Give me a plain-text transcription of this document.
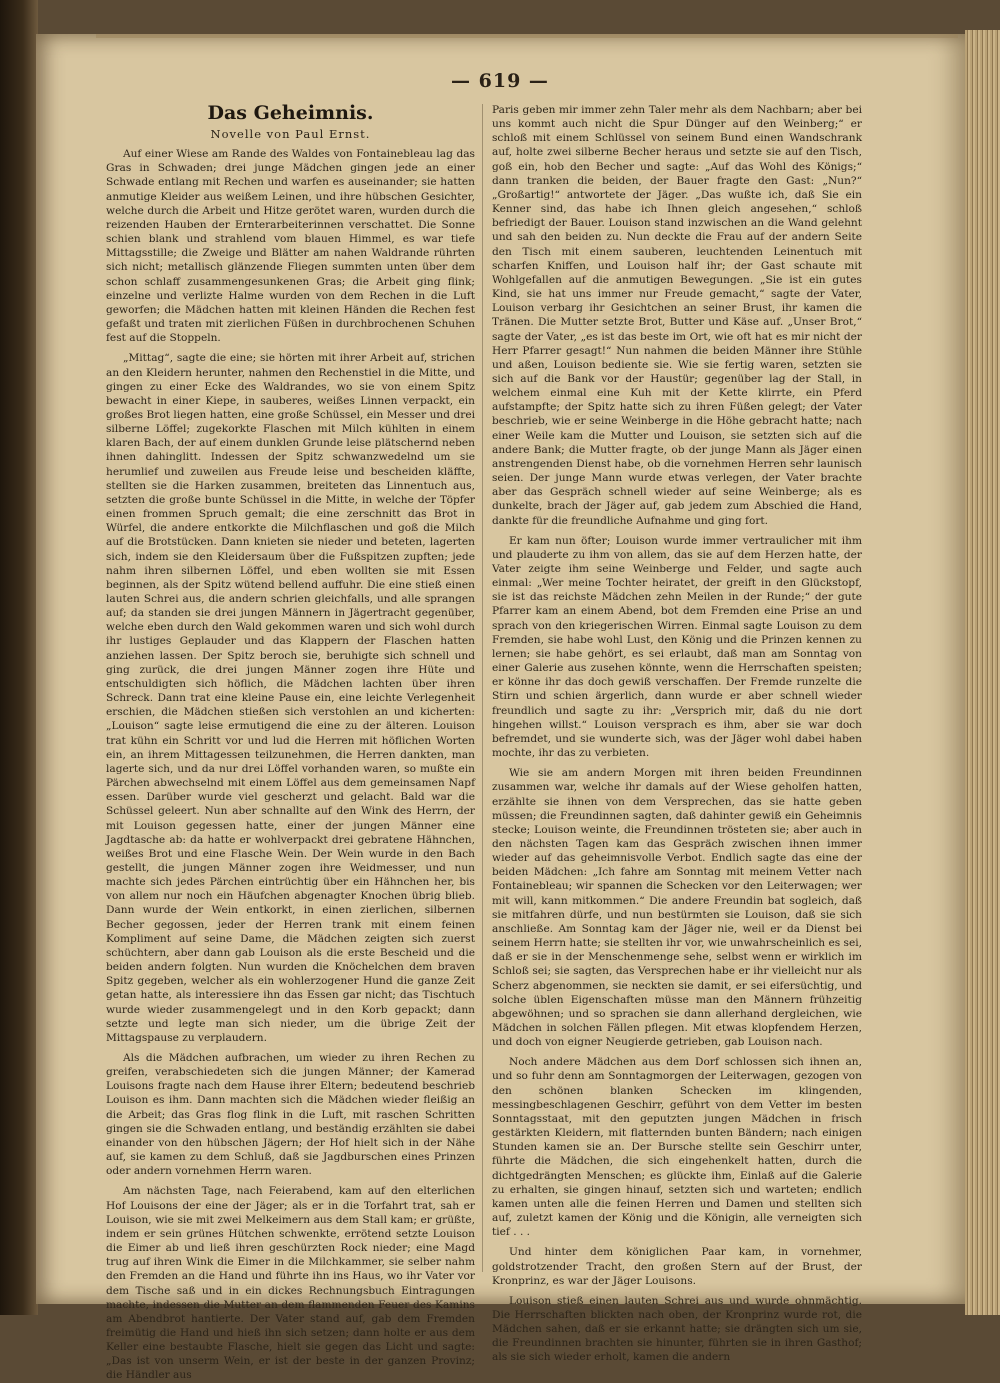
— 619 —
Das Geheimnis.
Novelle von Paul Ernst.

Auf einer Wiese am Rande des Waldes von Fontainebleau lag das Gras in Schwaden; drei junge Mädchen gingen jede an einer Schwade entlang mit Rechen und warfen es auseinander; sie hatten anmutige Kleider aus weißem Leinen, und ihre hübschen Gesichter, welche durch die Arbeit und Hitze gerötet waren, wurden durch die reizenden Hauben der Ernterarbeiterinnen verschattet. Die Sonne schien blank und strahlend vom blauen Himmel, es war tiefe Mittagsstille; die Zweige und Blätter am nahen Waldrande rührten sich nicht; metallisch glänzende Fliegen summten unten über dem schon schlaff zusammengesunkenen Gras; die Arbeit ging flink; einzelne und verlizte Halme wurden von dem Rechen in die Luft geworfen; die Mädchen hatten mit kleinen Händen die Rechen fest gefaßt und traten mit zierlichen Füßen in durchbrochenen Schuhen fest auf die Stoppeln.

„Mittag“, sagte die eine; sie hörten mit ihrer Arbeit auf, strichen an den Kleidern herunter, nahmen den Rechenstiel in die Mitte, und gingen zu einer Ecke des Waldrandes, wo sie von einem Spitz bewacht in einer Kiepe, in sauberes, weißes Linnen verpackt, ein großes Brot liegen hatten, eine große Schüssel, ein Messer und drei silberne Löffel; zugekorkte Flaschen mit Milch kühlten in einem klaren Bach, der auf einem dunklen Grunde leise plätschernd neben ihnen dahinglitt. Indessen der Spitz schwanzwedelnd um sie herumlief und zuweilen aus Freude leise und bescheiden kläffte, stellten sie die Harken zusammen, breiteten das Linnentuch aus, setzten die große bunte Schüssel in die Mitte, in welche der Töpfer einen frommen Spruch gemalt; die eine zerschnitt das Brot in Würfel, die andere entkorkte die Milchflaschen und goß die Milch auf die Brotstücken. Dann knieten sie nieder und beteten, lagerten sich, indem sie den Kleidersaum über die Fußspitzen zupften; jede nahm ihren silbernen Löffel, und eben wollten sie mit Essen beginnen, als der Spitz wütend bellend auffuhr. Die eine stieß einen lauten Schrei aus, die andern schrien gleichfalls, und alle sprangen auf; da standen sie drei jungen Männern in Jägertracht gegenüber, welche eben durch den Wald gekommen waren und sich wohl durch ihr lustiges Geplauder und das Klappern der Flaschen hatten anziehen lassen. Der Spitz beroch sie, beruhigte sich schnell und ging zurück, die drei jungen Männer zogen ihre Hüte und entschuldigten sich höflich, die Mädchen lachten über ihren Schreck. Dann trat eine kleine Pause ein, eine leichte Verlegenheit erschien, die Mädchen stießen sich verstohlen an und kicherten: „Louison“ sagte leise ermutigend die eine zu der älteren. Louison trat kühn ein Schritt vor und lud die Herren mit höflichen Worten ein, an ihrem Mittagessen teilzunehmen, die Herren dankten, man lagerte sich, und da nur drei Löffel vorhanden waren, so mußte ein Pärchen abwechselnd mit einem Löffel aus dem gemeinsamen Napf essen. Darüber wurde viel gescherzt und gelacht. Bald war die Schüssel geleert. Nun aber schnallte auf den Wink des Herrn, der mit Louison gegessen hatte, einer der jungen Männer eine Jagdtasche ab: da hatte er wohlverpackt drei gebratene Hähnchen, weißes Brot und eine Flasche Wein. Der Wein wurde in den Bach gestellt, die jungen Männer zogen ihre Weidmesser, und nun machte sich jedes Pärchen eintrüchtig über ein Hähnchen her, bis von allem nur noch ein Häufchen abgenagter Knochen übrig blieb. Dann wurde der Wein entkorkt, in einen zierlichen, silbernen Becher gegossen, jeder der Herren trank mit einem feinen Kompliment auf seine Dame, die Mädchen zeigten sich zuerst schüchtern, aber dann gab Louison als die erste Bescheid und die beiden andern folgten. Nun wurden die Knöchelchen dem braven Spitz gegeben, welcher als ein wohlerzogener Hund die ganze Zeit getan hatte, als interessiere ihn das Essen gar nicht; das Tischtuch wurde wieder zusammengelegt und in den Korb gepackt; dann setzte und legte man sich nieder, um die übrige Zeit der Mittagspause zu verplaudern.

Als die Mädchen aufbrachen, um wieder zu ihren Rechen zu greifen, verabschiedeten sich die jungen Männer; der Kamerad Louisons fragte nach dem Hause ihrer Eltern; bedeutend beschrieb Louison es ihm. Dann machten sich die Mädchen wieder fleißig an die Arbeit; das Gras flog flink in die Luft, mit raschen Schritten gingen sie die Schwaden entlang, und beständig erzählten sie dabei einander von den hübschen Jägern; der Hof hielt sich in der Nähe auf, sie kamen zu dem Schluß, daß sie Jagdburschen eines Prinzen oder andern vornehmen Herrn waren.

Am nächsten Tage, nach Feierabend, kam auf den elterlichen Hof Louisons der eine der Jäger; als er in die Torfahrt trat, sah er Louison, wie sie mit zwei Melkeimern aus dem Stall kam; er grüßte, indem er sein grünes Hütchen schwenkte, errötend setzte Louison die Eimer ab und ließ ihren geschürzten Rock nieder; eine Magd trug auf ihren Wink die Eimer in die Milchkammer, sie selber nahm den Fremden an die Hand und führte ihn ins Haus, wo ihr Vater vor dem Tische saß und in ein dickes Rechnungsbuch Eintragungen machte, indessen die Mutter an dem flammenden Feuer des Kamins am Abendbrot hantierte. Der Vater stand auf, gab dem Fremden freimütig die Hand und hieß ihn sich setzen; dann holte er aus dem Keller eine bestaubte Flasche, hielt sie gegen das Licht und sagte: „Das ist von unserm Wein, er ist der beste in der ganzen Provinz; die Händler aus

Paris geben mir immer zehn Taler mehr als dem Nachbarn; aber bei uns kommt auch nicht die Spur Dünger auf den Weinberg;“ er schloß mit einem Schlüssel von seinem Bund einen Wandschrank auf, holte zwei silberne Becher heraus und setzte sie auf den Tisch, goß ein, hob den Becher und sagte: „Auf das Wohl des Königs;“ dann tranken die beiden, der Bauer fragte den Gast: „Nun?“ „Großartig!“ antwortete der Jäger. „Das wußte ich, daß Sie ein Kenner sind, das habe ich Ihnen gleich angesehen,“ schloß befriedigt der Bauer. Louison stand inzwischen an die Wand gelehnt und sah den beiden zu. Nun deckte die Frau auf der andern Seite den Tisch mit einem sauberen, leuchtenden Leinentuch mit scharfen Kniffen, und Louison half ihr; der Gast schaute mit Wohlgefallen auf die anmutigen Bewegungen. „Sie ist ein gutes Kind, sie hat uns immer nur Freude gemacht,“ sagte der Vater, Louison verbarg ihr Gesichtchen an seiner Brust, ihr kamen die Tränen. Die Mutter setzte Brot, Butter und Käse auf. „Unser Brot,“ sagte der Vater, „es ist das beste im Ort, wie oft hat es mir nicht der Herr Pfarrer gesagt!“ Nun nahmen die beiden Männer ihre Stühle und aßen, Louison bediente sie. Wie sie fertig waren, setzten sie sich auf die Bank vor der Haustür; gegenüber lag der Stall, in welchem einmal eine Kuh mit der Kette klirrte, ein Pferd aufstampfte; der Spitz hatte sich zu ihren Füßen gelegt; der Vater beschrieb, wie er seine Weinberge in die Höhe gebracht hatte; nach einer Weile kam die Mutter und Louison, sie setzten sich auf die andere Bank; die Mutter fragte, ob der junge Mann als Jäger einen anstrengenden Dienst habe, ob die vornehmen Herren sehr launisch seien. Der junge Mann wurde etwas verlegen, der Vater brachte aber das Gespräch schnell wieder auf seine Weinberge; als es dunkelte, brach der Jäger auf, gab jedem zum Abschied die Hand, dankte für die freundliche Aufnahme und ging fort.

Er kam nun öfter; Louison wurde immer vertraulicher mit ihm und plauderte zu ihm von allem, das sie auf dem Herzen hatte, der Vater zeigte ihm seine Weinberge und Felder, und sagte auch einmal: „Wer meine Tochter heiratet, der greift in den Glückstopf, sie ist das reichste Mädchen zehn Meilen in der Runde;“ der gute Pfarrer kam an einem Abend, bot dem Fremden eine Prise an und sprach von den kriegerischen Wirren. Einmal sagte Louison zu dem Fremden, sie habe wohl Lust, den König und die Prinzen kennen zu lernen; sie habe gehört, es sei erlaubt, daß man am Sonntag von einer Galerie aus zusehen könnte, wenn die Herrschaften speisten; er könne ihr das doch gewiß verschaffen. Der Fremde runzelte die Stirn und schien ärgerlich, dann wurde er aber schnell wieder freundlich und sagte zu ihr: „Versprich mir, daß du nie dort hingehen willst.“ Louison versprach es ihm, aber sie war doch befremdet, und sie wunderte sich, was der Jäger wohl dabei haben mochte, ihr das zu verbieten.

Wie sie am andern Morgen mit ihren beiden Freundinnen zusammen war, welche ihr damals auf der Wiese geholfen hatten, erzählte sie ihnen von dem Versprechen, das sie hatte geben müssen; die Freundinnen sagten, daß dahinter gewiß ein Geheimnis stecke; Louison weinte, die Freundinnen trösteten sie; aber auch in den nächsten Tagen kam das Gespräch zwischen ihnen immer wieder auf das geheimnisvolle Verbot. Endlich sagte das eine der beiden Mädchen: „Ich fahre am Sonntag mit meinem Vetter nach Fontainebleau; wir spannen die Schecken vor den Leiterwagen; wer mit will, kann mitkommen.“ Die andere Freundin bat sogleich, daß sie mitfahren dürfe, und nun bestürmten sie Louison, daß sie sich anschließe. Am Sonntag kam der Jäger nie, weil er da Dienst bei seinem Herrn hatte; sie stellten ihr vor, wie unwahrscheinlich es sei, daß er sie in der Menschenmenge sehe, selbst wenn er wirklich im Schloß sei; sie sagten, das Versprechen habe er ihr vielleicht nur als Scherz abgenommen, sie neckten sie damit, er sei eifersüchtig, und solche üblen Eigenschaften müsse man den Männern frühzeitig abgewöhnen; und so sprachen sie dann allerhand dergleichen, wie Mädchen in solchen Fällen pflegen. Mit etwas klopfendem Herzen, und doch von eigner Neugierde getrieben, gab Louison nach.

Noch andere Mädchen aus dem Dorf schlossen sich ihnen an, und so fuhr denn am Sonntagmorgen der Leiterwagen, gezogen von den schönen blanken Schecken im klingenden, messingbeschlagenen Geschirr, geführt von dem Vetter im besten Sonntagsstaat, mit den geputzten jungen Mädchen in frisch gestärkten Kleidern, mit flatternden bunten Bändern; nach einigen Stunden kamen sie an. Der Bursche stellte sein Geschirr unter, führte die Mädchen, die sich eingehenkelt hatten, durch die dichtgedrängten Menschen; es glückte ihm, Einlaß auf die Galerie zu erhalten, sie gingen hinauf, setzten sich und warteten; endlich kamen unten alle die feinen Herren und Damen und stellten sich auf, zuletzt kamen der König und die Königin, alle verneigten sich tief . . .

Und hinter dem königlichen Paar kam, in vornehmer, goldstrotzender Tracht, den großen Stern auf der Brust, der Kronprinz, es war der Jäger Louisons.

Louison stieß einen lauten Schrei aus und wurde ohnmächtig. Die Herrschaften blickten nach oben, der Kronprinz wurde rot, die Mädchen sahen, daß er sie erkannt hatte; sie drängten sich um sie, die Freundinnen brachten sie hinunter, führten sie in ihren Gasthof; als sie sich wieder erholt, kamen die andern
